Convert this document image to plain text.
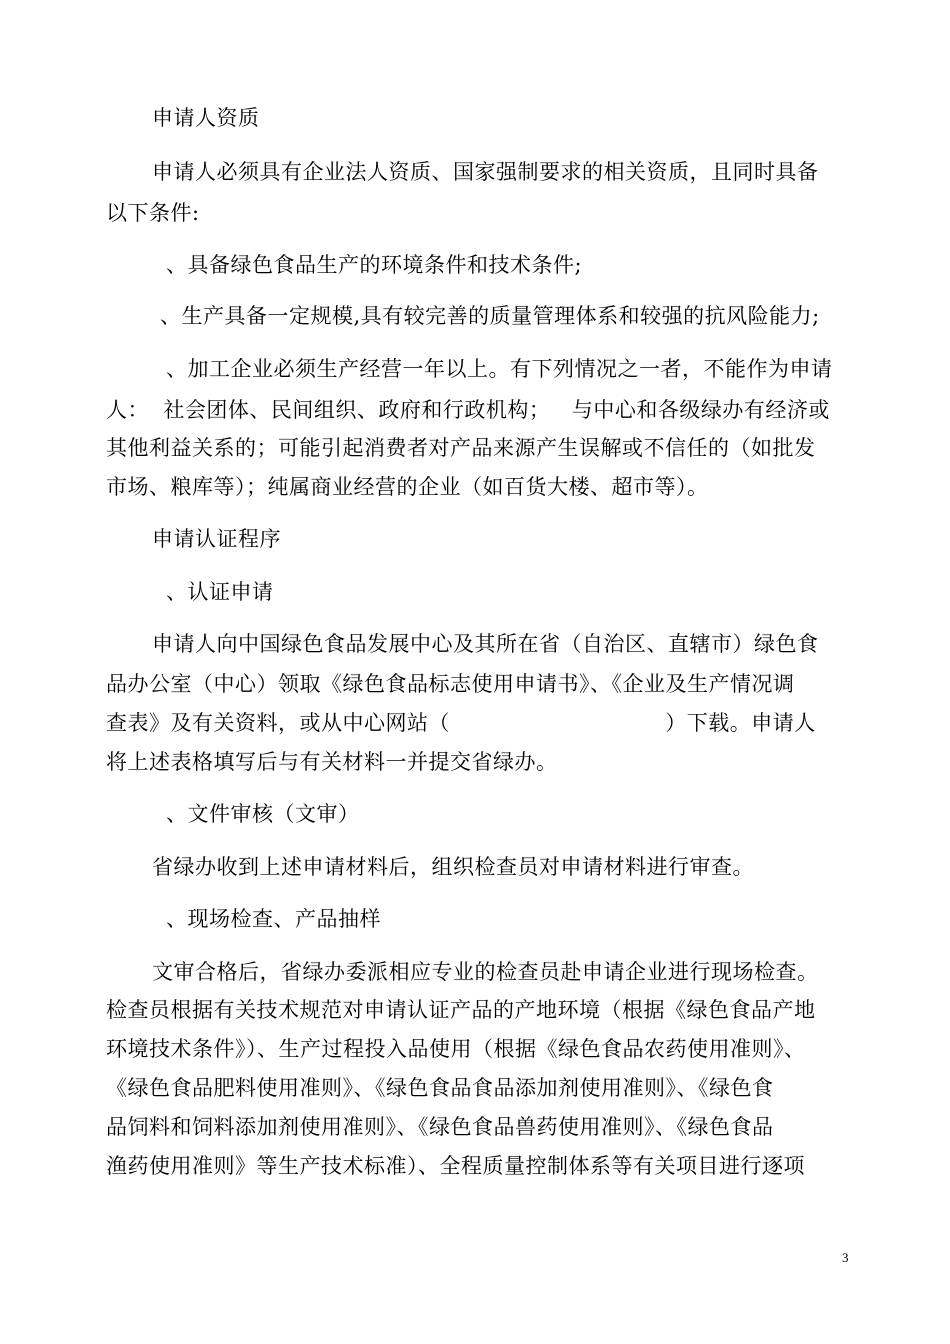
申请人资质
申请人必须具有企业法人资质、国家强制要求的相关资质，且同时具备
以下条件:
、具备绿色食品生产的环境条件和技术条件;
、生产具备一定规模,具有较完善的质量管理体系和较强的抗风险能力;
、加工企业必须生产经营一年以上。有下列情况之一者，不能作为申请
人：  社会团体、民间组织、政府和行政机构；   与中心和各级绿办有经济或
其他利益关系的；可能引起消费者对产品来源产生误解或不信任的（如批发
市场、粮库等）；纯属商业经营的企业（如百货大楼、超市等）。
申请认证程序
、认证申请
申请人向中国绿色食品发展中心及其所在省（自治区、直辖市）绿色食
品办公室（中心）领取《绿色食品标志使用申请书》、《企业及生产情况调
查表》及有关资料，或从中心网站（                              ）下载。申请人
将上述表格填写后与有关材料一并提交省绿办。
、文件审核（文审）
省绿办收到上述申请材料后，组织检查员对申请材料进行审查。
、现场检查、产品抽样
文审合格后，省绿办委派相应专业的检查员赴申请企业进行现场检查。
检查员根据有关技术规范对申请认证产品的产地环境（根据《绿色食品产地
环境技术条件》）、生产过程投入品使用（根据《绿色食品农药使用准则》、
《绿色食品肥料使用准则》、《绿色食品食品添加剂使用准则》、《绿色食
品饲料和饲料添加剂使用准则》、《绿色食品兽药使用准则》、《绿色食品
渔药使用准则》等生产技术标准）、全程质量控制体系等有关项目进行逐项
3
